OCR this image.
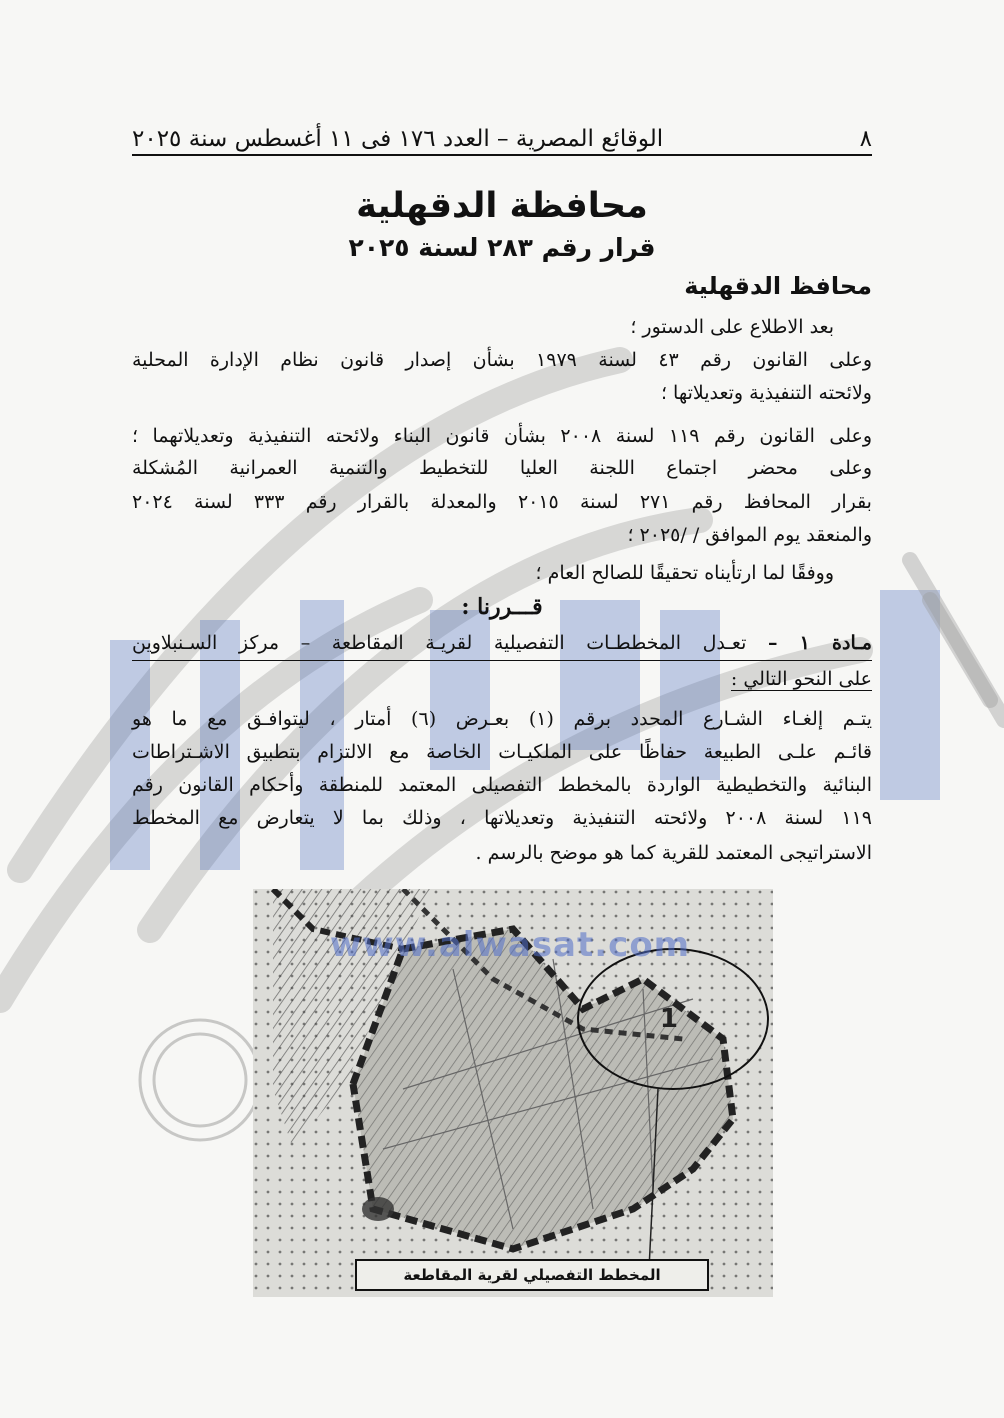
٨
الوقائع المصرية – العدد ١٧٦ فى ١١ أغسطس سنة ٢٠٢٥
محافظة الدقهلية
قرار رقم ٢٨٣ لسنة ٢٠٢٥
محافظ الدقهلية
بعد الاطلاع على الدستور ؛
وعلى القانون رقم ٤٣ لسنة ١٩٧٩ بشأن إصدار قانون نظام الإدارة المحلية
ولائحته التنفيذية وتعديلاتها ؛
وعلى القانون رقم ١١٩ لسنة ٢٠٠٨ بشأن قانون البناء ولائحته التنفيذية وتعديلاتهما ؛
وعلى محضر اجتماع اللجنة العليا للتخطيط والتنمية العمرانية المُشكلة
بقرار المحافظ رقم ٢٧١ لسنة ٢٠١٥ والمعدلة بالقرار رقم ٣٣٣ لسنة ٢٠٢٤
والمنعقد يوم الموافق / /٢٠٢٥ ؛
ووفقًا لما ارتأيناه تحقيقًا للصالح العام ؛
قـــررنا :
مـادة ١ – تعـدل المخططـات التفصيلية لقريـة المقاطعة – مركز السـنبلاوين
على النحو التالي :
يتـم إلغـاء الشـارع المحدد برقم (١) بعـرض (٦) أمتار ، ليتوافـق مع ما هو
قائـم علـى الطبيعة حفاظًا على الملكيـات الخاصة مع الالتزام بتطبيق الاشـتراطات
البنائية والتخطيطية الواردة بالمخطط التفصيلى المعتمد للمنطقة وأحكام القانون رقم
١١٩ لسنة ٢٠٠٨ ولائحته التنفيذية وتعديلاتها ، وذلك بما لا يتعارض مع المخطط
الاستراتيجى المعتمد للقرية كما هو موضح بالرسم .
1
www.alwasat.com
المخطط التفصيلي لقرية المقاطعة
